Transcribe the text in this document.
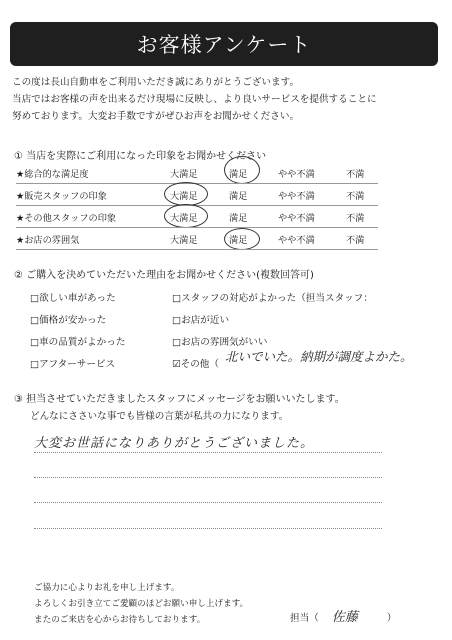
お客様アンケート
この度は長山自動車をご利用いただき誠にありがとうございます。
当店ではお客様の声を出来るだけ現場に反映し、より良いサービスを提供することに
努めております。大変お手数ですがぜひお声をお聞かせください。
① 当店を実際にご利用になった印象をお聞かせください
★総合的な満足度	大満足	満足	やや不満	不満
★販売スタッフの印象	大満足	満足	やや不満	不満
★その他スタッフの印象	大満足	満足	やや不満	不満
★お店の雰囲気	大満足	満足	やや不満	不満
② ご購入を決めていただいた理由をお聞かせください(複数回答可)
□欲しい車があった
□価格が安かった
□車の品質がよかった
□アフターサービス
□スタッフの対応がよかった（担当スタッフ：
□お店が近い
□お店の雰囲気がいい
☑その他（
北いでいた。納期が調度よかた。
③ 担当させていただきましたスタッフにメッセージをお願いいたします。
どんなにささいな事でも皆様の言葉が私共の力になります。
大変お世話になりありがとうございました。
ご協力に心よりお礼を申し上げます。
よろしくお引き立てご愛顧のほどお願い申し上げます。
またのご来店を心からお待ちしております。	担当（ 佐藤	）
